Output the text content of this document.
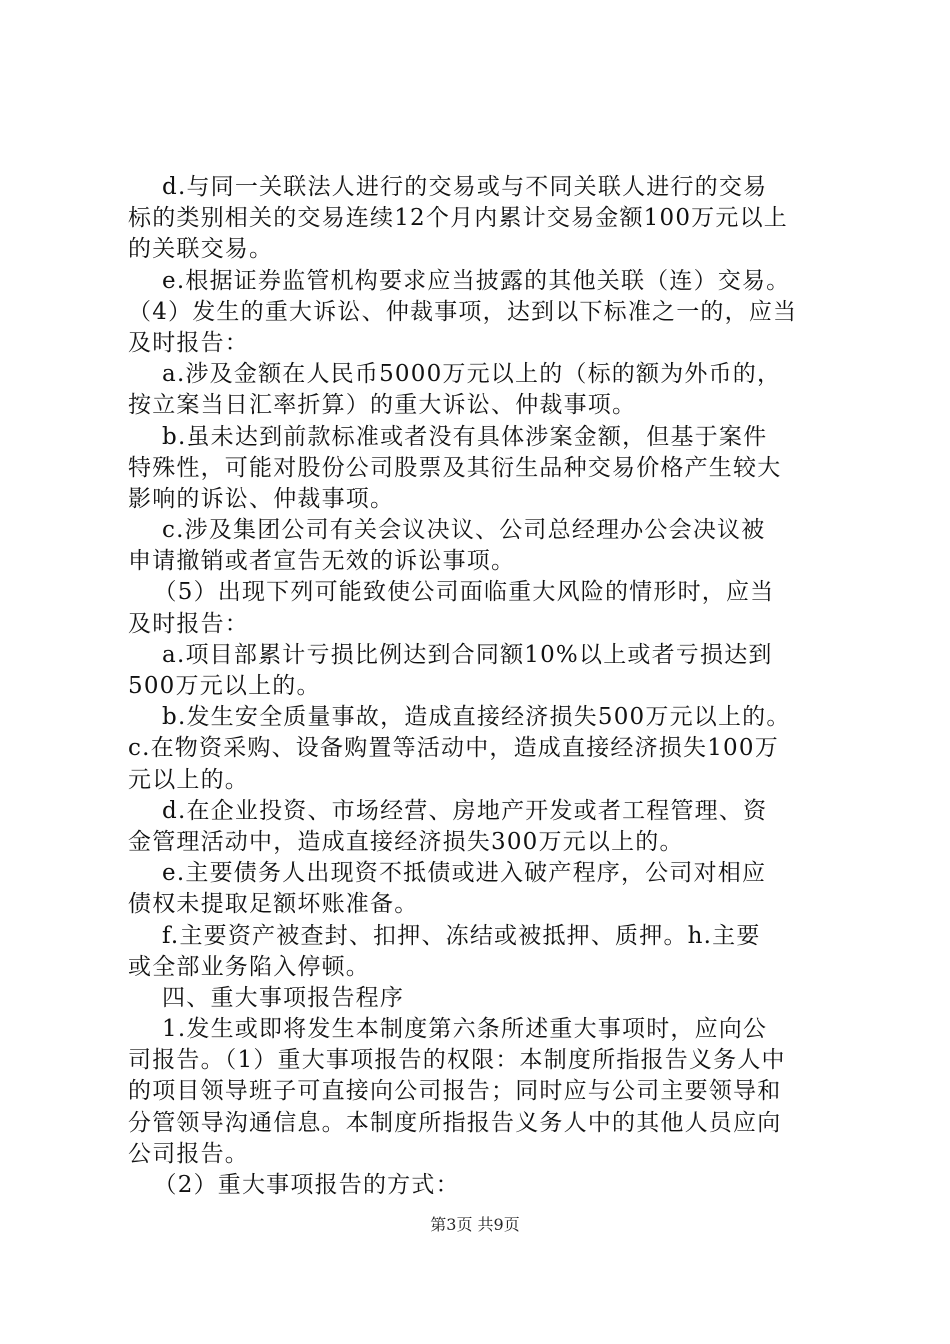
d.与同一关联法人进行的交易或与不同关联人进行的交易
标的类别相关的交易连续12个月内累计交易金额100万元以上
的关联交易。
e.根据证券监管机构要求应当披露的其他关联（连）交易。
（4）发生的重大诉讼、仲裁事项，达到以下标准之一的，应当
及时报告：
a.涉及金额在人民币5000万元以上的（标的额为外币的，
按立案当日汇率折算）的重大诉讼、仲裁事项。
b.虽未达到前款标准或者没有具体涉案金额，但基于案件
特殊性，可能对股份公司股票及其衍生品种交易价格产生较大
影响的诉讼、仲裁事项。
c.涉及集团公司有关会议决议、公司总经理办公会决议被
申请撤销或者宣告无效的诉讼事项。
（5）出现下列可能致使公司面临重大风险的情形时，应当
及时报告：
a.项目部累计亏损比例达到合同额10%以上或者亏损达到
500万元以上的。
b.发生安全质量事故，造成直接经济损失500万元以上的。
c.在物资采购、设备购置等活动中，造成直接经济损失100万
元以上的。
d.在企业投资、市场经营、房地产开发或者工程管理、资
金管理活动中，造成直接经济损失300万元以上的。
e.主要债务人出现资不抵债或进入破产程序，公司对相应
债权未提取足额坏账准备。
f.主要资产被查封、扣押、冻结或被抵押、质押。h.主要
或全部业务陷入停顿。
四、重大事项报告程序
1.发生或即将发生本制度第六条所述重大事项时，应向公
司报告。（1）重大事项报告的权限：本制度所指报告义务人中
的项目领导班子可直接向公司报告；同时应与公司主要领导和
分管领导沟通信息。本制度所指报告义务人中的其他人员应向
公司报告。
（2）重大事项报告的方式：
第3页 共9页
